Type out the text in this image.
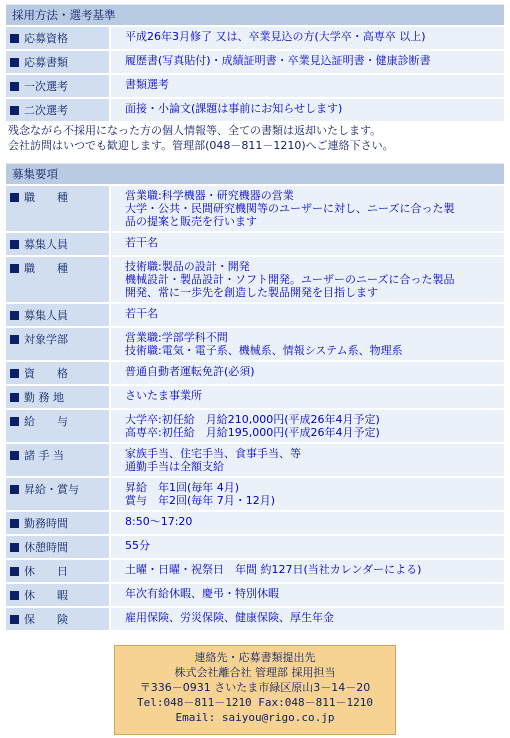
採用方法・選考基準
応募資格	平成26年3月修了 又は、卒業見込の方(大学卒・高専卒 以上)
応募書類	履歴書(写真貼付)・成績証明書・卒業見込証明書・健康診断書
一次選考	書類選考
二次選考	面接・小論文(課題は事前にお知らせします)
残念ながら不採用になった方の個人情報等、全ての書類は返却いたします。
会社訪問はいつでも歓迎します。管理部(048－811－1210)へご連絡下さい。
募集要項
職　　種	営業職:科学機器・研究機器の営業
大学・公共・民間研究機関等のユーザーに対し、ニーズに合った製
品の提案と販売を行います
募集人員	若干名
職　　種	技術職:製品の設計・開発
機械設計・製品設計・ソフト開発。ユーザーのニーズに合った製品
開発、常に一歩先を創造した製品開発を目指します
募集人員	若干名
対象学部	営業職:学部学科不問
技術職:電気・電子系、機械系、情報システム系、物理系
資　　格	普通自動者運転免許(必須)
勤 務 地	さいたま事業所
給　　与	大学卒:初任給　月給210,000円(平成26年4月予定)
高専卒:初任給　月給195,000円(平成26年4月予定)
諸 手 当	家族手当、住宅手当、食事手当、等
通勤手当は全額支給
昇給・賞与	昇給　年1回(毎年 4月)
賞与　年2回(毎年 7月・12月)
勤務時間	8:50～17:20
休憩時間	55分
休　　日	土曜・日曜・祝祭日　年間 約127日(当社カレンダーによる)
休　　暇	年次有給休暇、慶弔・特別休暇
保　　険	雇用保険、労災保険、健康保険、厚生年金
連絡先・応募書類提出先
株式会社離合社 管理部 採用担当
〒336－0931 さいたま市緑区原山3－14－20
Tel:048－811－1210 Fax:048－811－1210
Email: saiyou@rigo.co.jp
